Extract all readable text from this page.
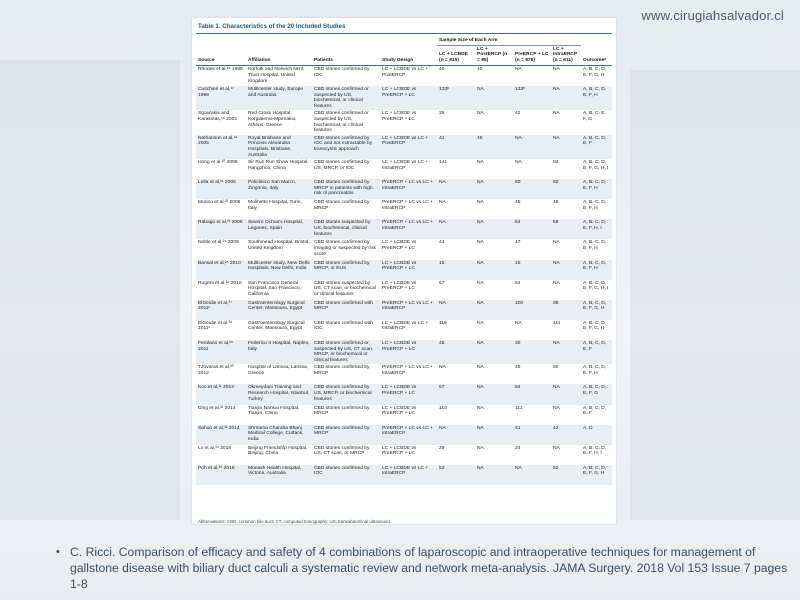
www.cirugiahsalvador.cl
Table 1. Characteristics of the 20 Included Studies
				Sample Size of Each Arm				
Source	Affiliation	Patients	Study Design	LC + LCBDE (n = 815)	LC + PostERCP (n = 85)	PreERCP + LC (n = 878)	LC + IntraERCP (n = 611)	Outcomeᵃ
Rhodes et al,¹⁶ 1998	Norfolk and Norwich NHS Trust Hospital, United Kingdom	CBD stones confirmed by IOC	LC + LCBDE vs LC + PostERCP	40	40	NA	NA	A, B, C, D, E, F, G, H
Cuschieri et al,¹⁷ 1999	Multicenter study, Europe and Australia	CBD stones confirmed or suspected by US, biochemical, or clinical features	LC + LCBDE vs PreERCP + LC	133ᵇ	NA	133ᵇ	NA	A, B, C, D, E, F, H
Sgourakis and Karaliotas,¹⁸ 2002	Red Cross Hospital Korgialenio-Mpenakio, Athens, Greece	CBD stones confirmed or suspected by US, biochemical, or clinical features	LC + LCBDE vs PreERCP + LC	36	NA	42	NA	A, B, C, E, F, G
Nathanson et al,¹⁹ 2005	Royal Brisbane and Princess Alexandra Hospitals, Brisbane, Australia	CBD stones confirmed by IOC and not extractable by transcystic approach	LC + LCBDE vs LC + PostERCP	41	45	NA	NA	A, B, C, D, E, F
Hong et al,²⁰ 2006	Sir Run Run Shaw Hospital, Hangzhou, China	CBD stones confirmed by US, MRCP, or IOC	LC + LCBDE vs LC + IntraERCP	141	NA	NA	93	A, B, C, D, E, F, G, H, I
Lella et al,²¹ 2006	Policlinico San Marco, Zingonia, Italy	CBD stones confirmed by MRCP in patients with high risk of pancreatitis	PreERCP + LC vs LC + IntraERCP	NA	NA	60	60	A, B, C, D, E, F, H
Morino et al,²² 2006	Molinette Hospital, Turin, Italy	CBD stones confirmed by MRCP	PreERCP + LC vs LC + IntraERCP	NA	NA	45	46	A, B, C, D, E, F, H
Rábago et al,²³ 2006	Severo Ochoa's Hospital, Leganes, Spain	CBD stones suspected by US, biochemical, clinical features	PreERCP + LC vs LC + IntraERCP	NA	NA	64	59	A, B, C, D, E, F, H, I
Noble et al,²⁴ 2009	Southmead Hospital, Bristol, United Kingdom	CBD stones confirmed by imaging or suspected by risk score	LC + LCBDE vs PreERCP + LC	44	NA	47	NA	A, B, C, D, E, F, H
Bansal et al,²⁵ 2010	Multicenter study, New Delhi Hospitals, New Delhi, India	CBD stones confirmed by MRCP, or EUS	LC + LCBDE vs PreERCP + LC	15	NA	15	NA	A, B, C, D, E, F, H
Rogers et al,²⁶ 2010	San Francisco General Hospital, San Francisco, California	CBD stones suspected by US, CT scan, or biochemical or clinical features	LC + LCBDE vs PreERCP + LC	57	NA	54	NA	A, B, C, D, E, F, G, H, I
ElGeidie et al,²⁷ 2011ᶜ	Gastroenterology Surgical Center, Mansoura, Egypt	CBD stones confirmed with MRCP	PreERCP + LC vs LC + IntraERCP	NA	NA	100	98	A, B, C, D, E, F, G, H
ElGeidie et al,²⁸ 2011ᶜ	Gastroenterology Surgical Center, Mansoura, Egypt	CBD stones confirmed with IOC	LC + LCBDE vs LC + IntraERCP	115	NA	NA	111	A, B, C, D, E, F, G, H
Ferulano et al,²⁹ 2011	Federico II Hospital, Naples, Italy	CBD stones confirmed or suspected by US, CT scan, MRCP, or biochemical or clinical features	LC + LCBDE vs PreERCP + LC	45	NA	39	NA	A, B, C, D, E, F
Tzovaras et al,³⁰ 2012	Hospital of Larissa, Larissa, Greece	CBD stones confirmed by MRCP	PreERCP + LC vs LC + IntraERCP	NA	NA	49	50	A, B, C, D, E, F, H
Koc et al,³¹ 2013	Okmeydani Training and Research Hospital, Istanbul, Turkey	CBD stones confirmed by US, MRCP, or biochemical features	LC + LCBDE vs PreERCP + LC	57	NA	54	NA	A, B, C, D, E, F, G
Ding et al,³² 2014	Tianjin Nankai Hospital, Tianjin, China	CBD stones confirmed by MRCP	LC + LCBDE vs PreERCP + LC	110	NA	111	NA	A, B, C, D, E, F
Sahoo et al,³³ 2014	Shrirama Chandra Bhanj Medical College, Cuttack, India	CBD stones confirmed by MRCP	PreERCP + LC vs LC + IntraERCP	NA	NA	41	42	A, D
Lv et al,³⁴ 2016	Beijing Friendship Hospital, Beijing, China	CBD stones confirmed by US, CT scan, or MRCP	LC + LCBDE vs PreERCP + LC	29	NA	24	NA	A, B, C, D, E, F, H, I
Poh et al,³⁵ 2016	Monash Health Hospital, Victoria, Australia	CBD stones confirmed by IOC	LC + LCBDE vs LC + IntraERCP	52	NA	NA	52	A, B, C, D, E, F, G, H
Abbreviations: CBD, common bile duct; CT, computed tomography; US, transabdominal ultrasound.
• C. Ricci. Comparison of efficacy and safety of 4 combinations of laparoscopic and intraoperative techniques for management of gallstone disease with biliary duct calculi a systematic review and network meta-analysis. JAMA Surgery. 2018 Vol 153 Issue 7 pages 1-8
